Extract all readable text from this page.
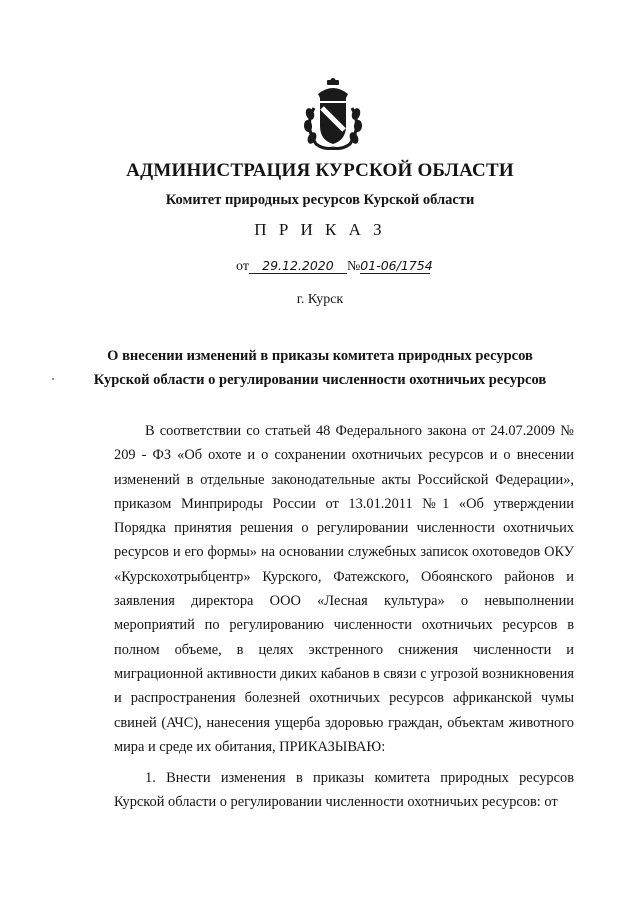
АДМИНИСТРАЦИЯ КУРСКОЙ ОБЛАСТИ
Комитет природных ресурсов Курской области
П Р И К А З
от 29.12.2020 №01-06/1754
г. Курск
О внесении изменений в приказы комитета природных ресурсов
Курской области о регулировании численности охотничьих ресурсов
В соответствии со статьей 48 Федерального закона от 24.07.2009 № 209 - ФЗ «Об охоте и о сохранении охотничьих ресурсов и о внесении изменений в отдельные законодательные акты Российской Федерации», приказом Минприроды России от 13.01.2011 №1 «Об утверждении Порядка принятия решения о регулировании численности охотничьих ресурсов и его формы» на основании служебных записок охотоведов ОКУ «Курскохотрыбцентр» Курского, Фатежского, Обоянского районов и заявления директора ООО «Лесная культура» о невыполнении мероприятий по регулированию численности охотничьих ресурсов в полном объеме, в целях экстренного снижения численности и миграционной активности диких кабанов в связи с угрозой возникновения и распространения болезней охотничьих ресурсов африканской чумы свиней (АЧС), нанесения ущерба здоровью граждан, объектам животного мира и среде их обитания, ПРИКАЗЫВАЮ:
1. Внести изменения в приказы комитета природных ресурсов Курской области о регулировании численности охотничьих ресурсов: от
